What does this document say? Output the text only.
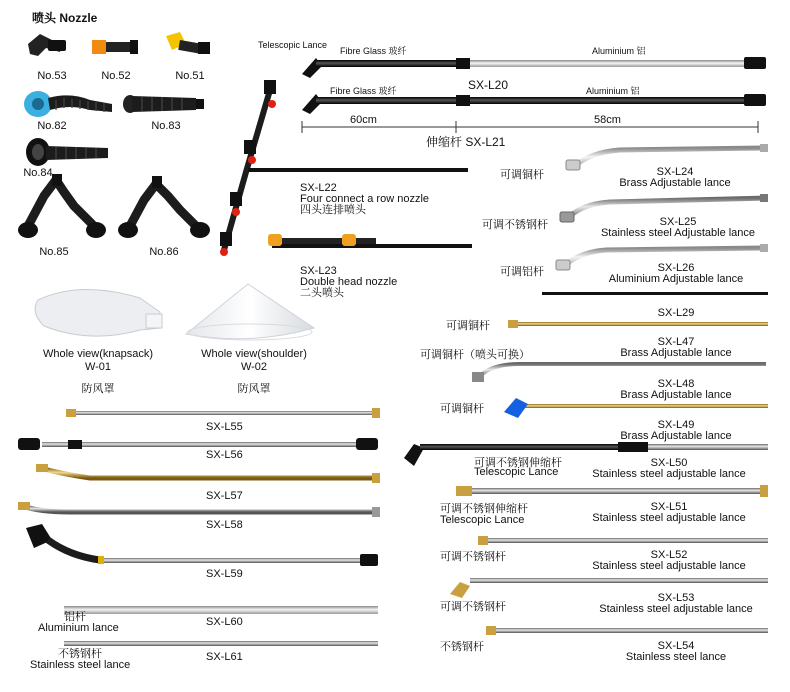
喷头 Nozzle
No.53	No.52	No.51
No.82	No.83
No.84
No.85	No.86
Telescopic Lance
Fibre Glass 玻纤	Aluminium 铝
SX-L20
Fibre Glass 玻纤	Aluminium 铝
60cm	58cm
伸缩杆 SX-L21
SX-L22
Four connect a row nozzle
四头连排喷头
SX-L23
Double head nozzle
二头喷头
Whole view(knapsack)
W-01
防风罩
Whole view(shoulder)
W-02
防风罩
可调铜杆	SX-L24
Brass Adjustable lance
可调不锈钢杆	SX-L25
Stainless steel Adjustable lance
可调铝杆	SX-L26
Aluminium Adjustable lance
可调铜杆
SX-L29
可调铜杆（喷头可换）
SX-L47
Brass Adjustable lance
可调铜杆
SX-L48
Brass Adjustable lance
SX-L49
Brass Adjustable lance
可调不锈钢伸缩杆
Telescopic Lance
SX-L50
Stainless steel adjustable lance
可调不锈钢伸缩杆
Telescopic Lance
SX-L51
Stainless steel adjustable lance
可调不锈钢杆	SX-L52
Stainless steel adjustable lance
可调不锈钢杆
SX-L53
Stainless steel adjustable lance
不锈钢杆	SX-L54
Stainless steel lance
SX-L55
SX-L56
SX-L57
SX-L58
SX-L59
铝杆
Aluminium lance	SX-L60
不锈钢杆
Stainless steel lance
SX-L61
